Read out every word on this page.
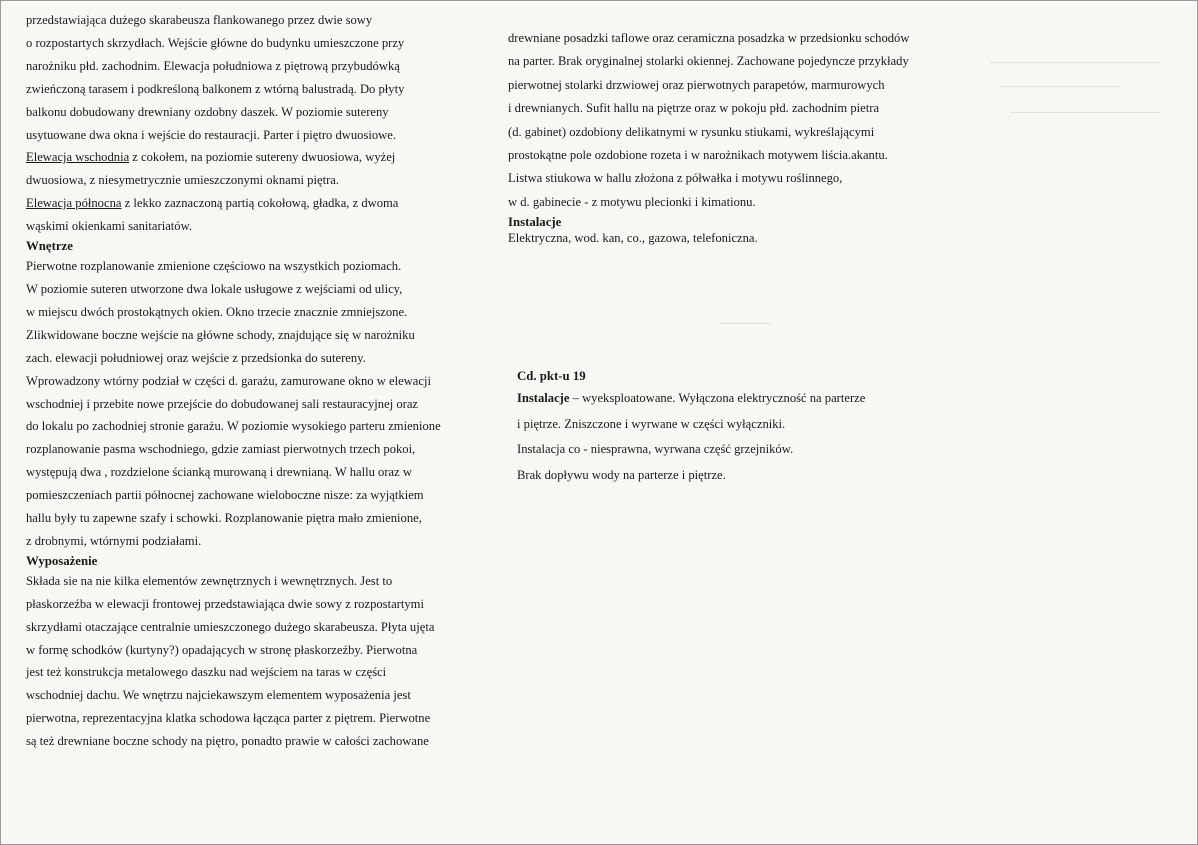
przedstawiająca dużego skarabeusza flankowanego przez dwie sowy
o rozpostartych skrzydłach. Wejście główne do budynku umieszczone przy
narożniku płd. zachodnim. Elewacja południowa z piętrową przybudówką
zwieńczoną tarasem i podkreśloną balkonem z wtórną balustradą. Do płyty
balkonu dobudowany drewniany ozdobny daszek. W poziomie sutereny
usytuowane dwa okna i wejście do restauracji. Parter i piętro dwuosiowe.
Elewacja wschodnia z cokołem, na poziomie sutereny dwuosiowa, wyżej
dwuosiowa, z niesymetrycznie umieszczonymi oknami piętra.
Elewacja północna z lekko zaznaczoną partią cokołową, gładka, z dwoma
wąskimi okienkami sanitariatów.
Wnętrze
Pierwotne rozplanowanie zmienione częściowo na wszystkich poziomach.
W poziomie suteren utworzone dwa lokale usługowe z wejściami od ulicy,
w miejscu dwóch prostokątnych okien. Okno trzecie znacznie zmniejszone.
Zlikwidowane boczne wejście na główne schody, znajdujące się w narożniku
zach. elewacji południowej oraz wejście z przedsionka do sutereny.
Wprowadzony wtórny podział w części d. garażu, zamurowane okno w elewacji
wschodniej i przebite nowe przejście do dobudowanej sali restauracyjnej oraz
do lokalu po zachodniej stronie garażu. W poziomie wysokiego parteru zmienione
rozplanowanie pasma wschodniego, gdzie zamiast pierwotnych trzech pokoi,
występują dwa , rozdzielone ścianką murowaną i drewnianą. W hallu oraz w
pomieszczeniach partii północnej zachowane wieloboczne nisze: za wyjątkiem
hallu były tu zapewne szafy i schowki. Rozplanowanie piętra mało zmienione,
z drobnymi, wtórnymi podziałami.
Wyposażenie
Składa sie na nie kilka elementów zewnętrznych i wewnętrznych. Jest to
płaskorzeźba w elewacji frontowej przedstawiająca dwie sowy z rozpostartymi
skrzydłami otaczające centralnie umieszczonego dużego skarabeusza. Płyta ujęta
w formę schodków (kurtyny?) opadających w stronę płaskorzeźby. Pierwotna
jest też konstrukcja metalowego daszku nad wejściem na taras w części
wschodniej dachu. We wnętrzu najciekawszym elementem wyposażenia jest
pierwotna, reprezentacyjna klatka schodowa łącząca parter z piętrem. Pierwotne
są też drewniane boczne schody na piętro, ponadto prawie w całości zachowane
drewniane posadzki taflowe oraz ceramiczna posadzka w przedsionku schodów
na parter. Brak oryginalnej stolarki okiennej. Zachowane pojedyncze przykłady
pierwotnej stolarki drzwiowej oraz pierwotnych parapetów, marmurowych
i drewnianych. Sufit hallu na piętrze oraz w pokoju płd. zachodnim pietra
(d. gabinet) ozdobiony delikatnymi w rysunku stiukami, wykreślającymi
prostokątne pole ozdobione rozeta i w narożnikach motywem liścia.akantu.
Listwa stiukowa w hallu złożona z półwałka i motywu roślinnego,
w d. gabinecie - z motywu plecionki i kimationu.
Instalacje
Elektryczna, wod. kan, co., gazowa, telefoniczna.
Cd. pkt-u 19
Instalacje – wyeksploatowane. Wyłączona elektryczność na parterze
i piętrze. Zniszczone i wyrwane w części wyłączniki.
Instalacja co - niesprawna, wyrwana część grzejników.
Brak dopływu wody na parterze i piętrze.
